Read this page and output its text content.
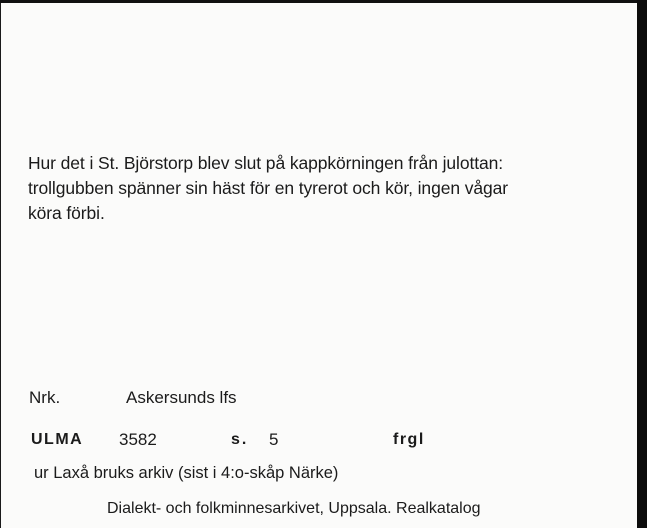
Hur det i St. Björstorp blev slut på kappkörningen från julottan:
trollgubben spänner sin häst för en tyrerot och kör, ingen vågar
köra förbi.
Nrk.	Askersunds lfs
ULMA 3582	s. 5	frgl
ur Laxå bruks arkiv (sist i 4:o-skåp Närke)
Dialekt- och folkminnesarkivet, Uppsala. Realkatalog
